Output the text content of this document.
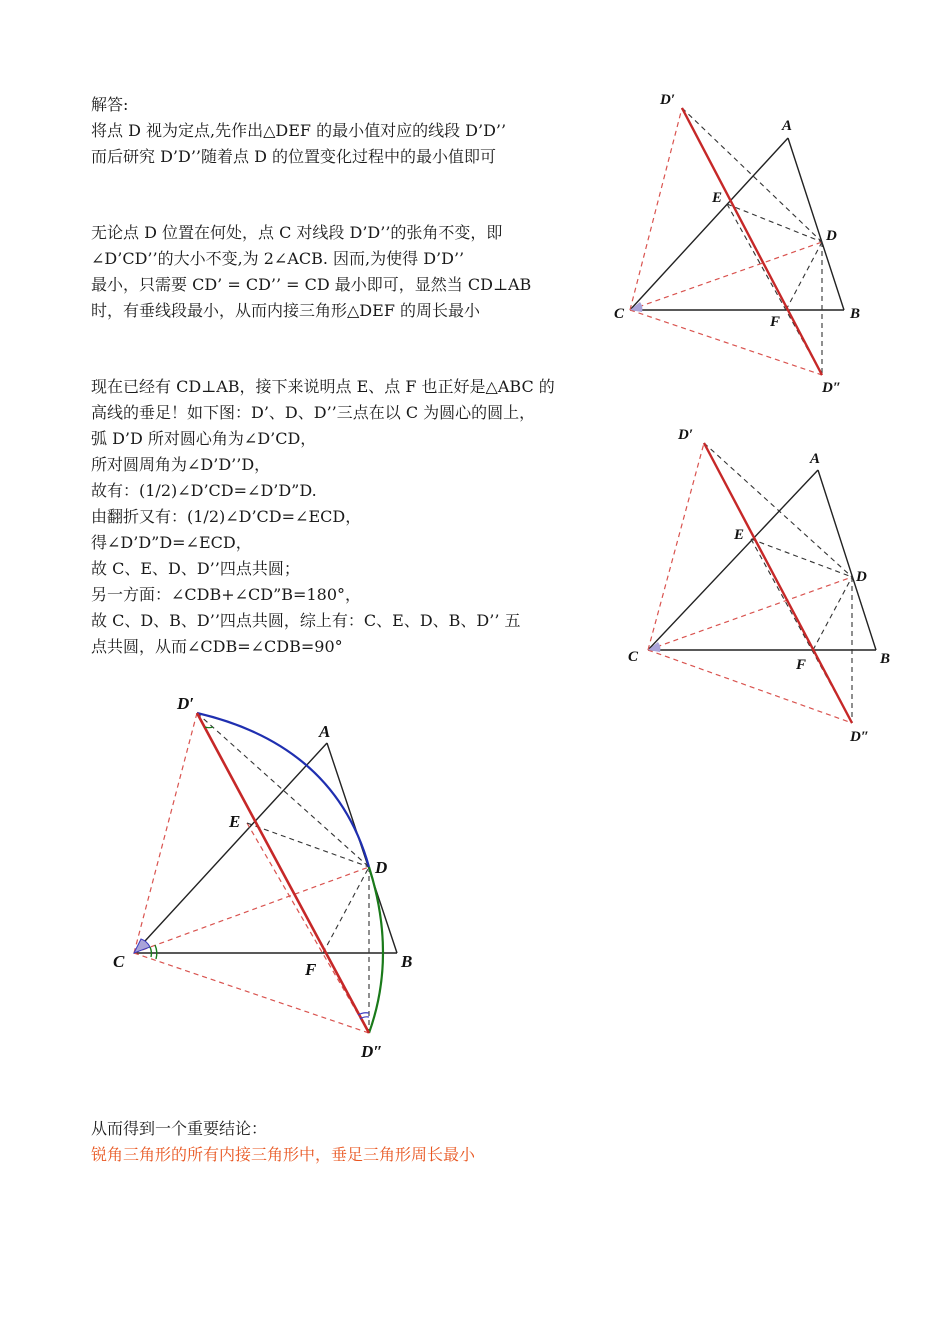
解答:
将点 D 视为定点,先作出△DEF 的最小值对应的线段 D’D’’
而后研究 D’D’’随着点 D 的位置变化过程中的最小值即可
无论点 D 位置在何处，点 C 对线段 D’D’’的张角不变，即
∠D’CD’’的大小不变,为 2∠ACB. 因而,为使得 D’D’’
最小，只需要 CD’ = CD’’ = CD 最小即可，显然当 CD⊥AB
时，有垂线段最小，从而内接三角形△DEF 的周长最小
现在已经有 CD⊥AB，接下来说明点 E、点 F 也正好是△ABC 的
高线的垂足！如下图：D’、D、D’’三点在以 C 为圆心的圆上，
弧 D’D 所对圆心角为∠D’CD，
所对圆周角为∠D’D’’D，
故有：(1/2)∠D’CD=∠D’D”D.
由翻折又有：(1/2)∠D’CD=∠ECD，
得∠D’D”D=∠ECD，
故 C、E、D、D’’四点共圆；
另一方面：∠CDB+∠CD”B=180°，
故 C、D、B、D’’四点共圆，综上有：C、E、D、B、D’’ 五
点共圆，从而∠CDB=∠CDB=90°
从而得到一个重要结论：
锐角三角形的所有内接三角形中，垂足三角形周长最小
D′
A
E
D
C	F	B
D″
D′
A
E
D
C	F	B
D″
D′
A
E
D
C	F	B
D″
